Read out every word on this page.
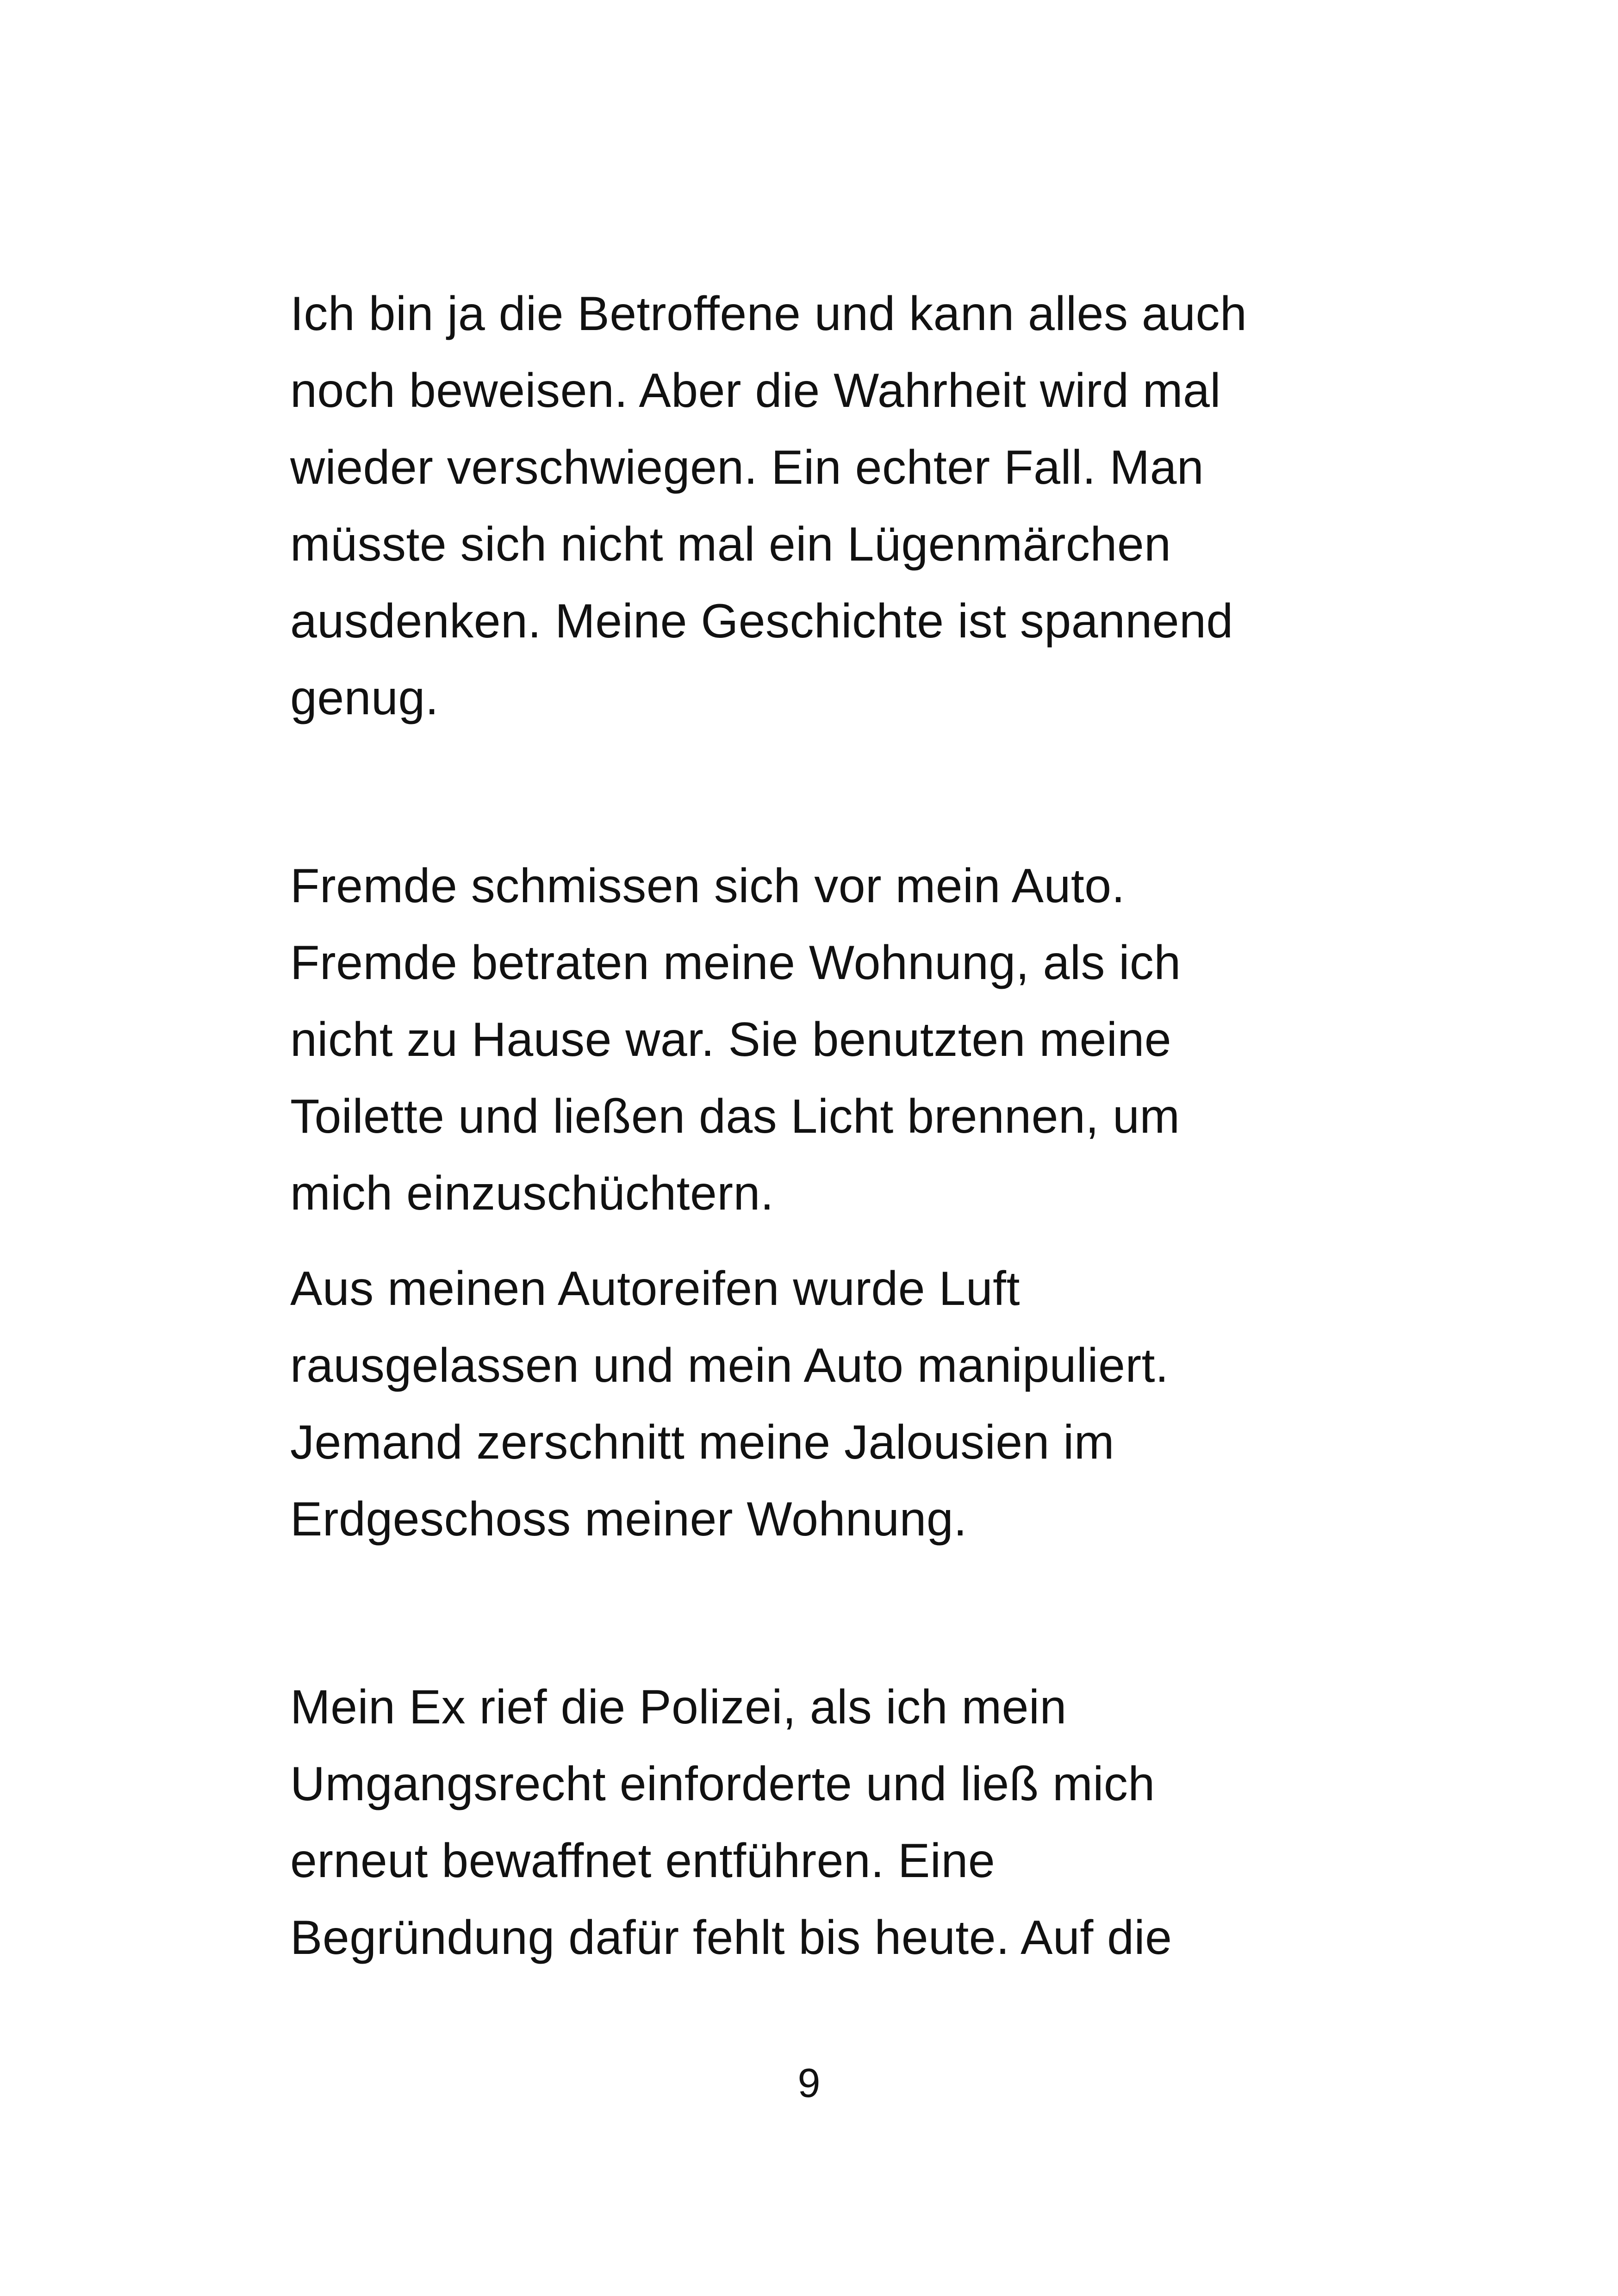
Ich bin ja die Betroffene und kann alles auch
noch beweisen. Aber die Wahrheit wird mal
wieder verschwiegen. Ein echter Fall. Man
müsste sich nicht mal ein Lügenmärchen
ausdenken. Meine Geschichte ist spannend
genug.
Fremde schmissen sich vor mein Auto.
Fremde betraten meine Wohnung, als ich
nicht zu Hause war. Sie benutzten meine
Toilette und ließen das Licht brennen, um
mich einzuschüchtern.
Aus meinen Autoreifen wurde Luft
rausgelassen und mein Auto manipuliert.
Jemand zerschnitt meine Jalousien im
Erdgeschoss meiner Wohnung.
Mein Ex rief die Polizei, als ich mein
Umgangsrecht einforderte und ließ mich
erneut bewaffnet entführen. Eine
Begründung dafür fehlt bis heute. Auf die
9
